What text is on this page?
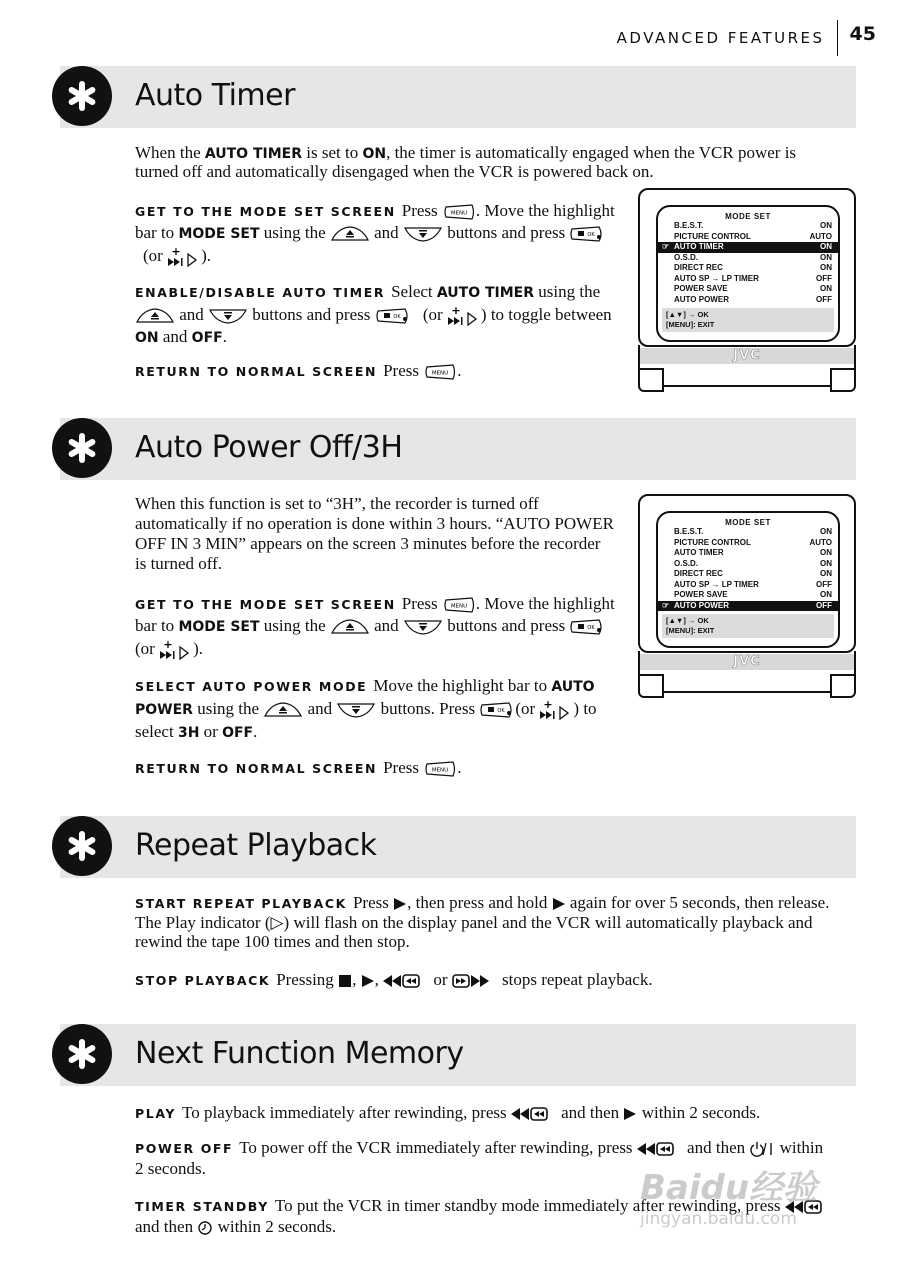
ADVANCED FEATURES	45
Auto Timer
When the AUTO TIMER is set to ON, the timer is automatically engaged when the VCR power is turned off and automatically disengaged when the VCR is powered back on.
GET TO THE MODE SET SCREEN Press . Move the highlight bar to MODE SET using the	and	buttons and press  (or ).
ENABLE/DISABLE AUTO TIMER Select AUTO TIMER using the  and	buttons and press	(or ) to toggle between ON and OFF.
RETURN TO NORMAL SCREEN Press .
MODE SET
B.E.S.T.	ON
PICTURE CONTROL	AUTO
☞ AUTO TIMER	ON
O.S.D.	ON
DIRECT REC	ON
AUTO SP → LP TIMER	OFF
POWER SAVE	ON
AUTO POWER	OFF
[▲▼] → OK
[MENU]: EXIT
JVC
Auto Power Off/3H
When this function is set to “3H”, the recorder is turned off automatically if no operation is done within 3 hours. “AUTO POWER OFF IN 3 MIN” appears on the screen 3 minutes before the recorder is turned off.
GET TO THE MODE SET SCREEN Press . Move the highlight bar to MODE SET using the	and	buttons and press (or ).
SELECT AUTO POWER MODE Move the highlight bar to AUTO POWER using the	and	buttons. Press (or ) to select 3H or OFF.
RETURN TO NORMAL SCREEN Press .
MODE SET
B.E.S.T.	ON
PICTURE CONTROL	AUTO
AUTO TIMER	ON
O.S.D.	ON
DIRECT REC	ON
AUTO SP → LP TIMER	OFF
POWER SAVE	ON
☞ AUTO POWER	OFF
[▲▼] → OK
[MENU]: EXIT
JVC
Repeat Playback
START REPEAT PLAYBACK Press , then press and hold again for over 5 seconds, then release. The Play indicator (▷) will flash on the display panel and the VCR will automatically playback and rewind the tape 100 times and then stop.
STOP PLAYBACK Pressing , ,	or	stops repeat playback.
Next Function Memory
PLAY To playback immediately after rewinding, press	and then within 2 seconds.
POWER OFF To power off the VCR immediately after rewinding, press	and then within 2 seconds.
TIMER STANDBY To put the VCR in timer standby mode immediately after rewinding, press  and then within 2 seconds.
Baidu经验
jingyan.baidu.com
